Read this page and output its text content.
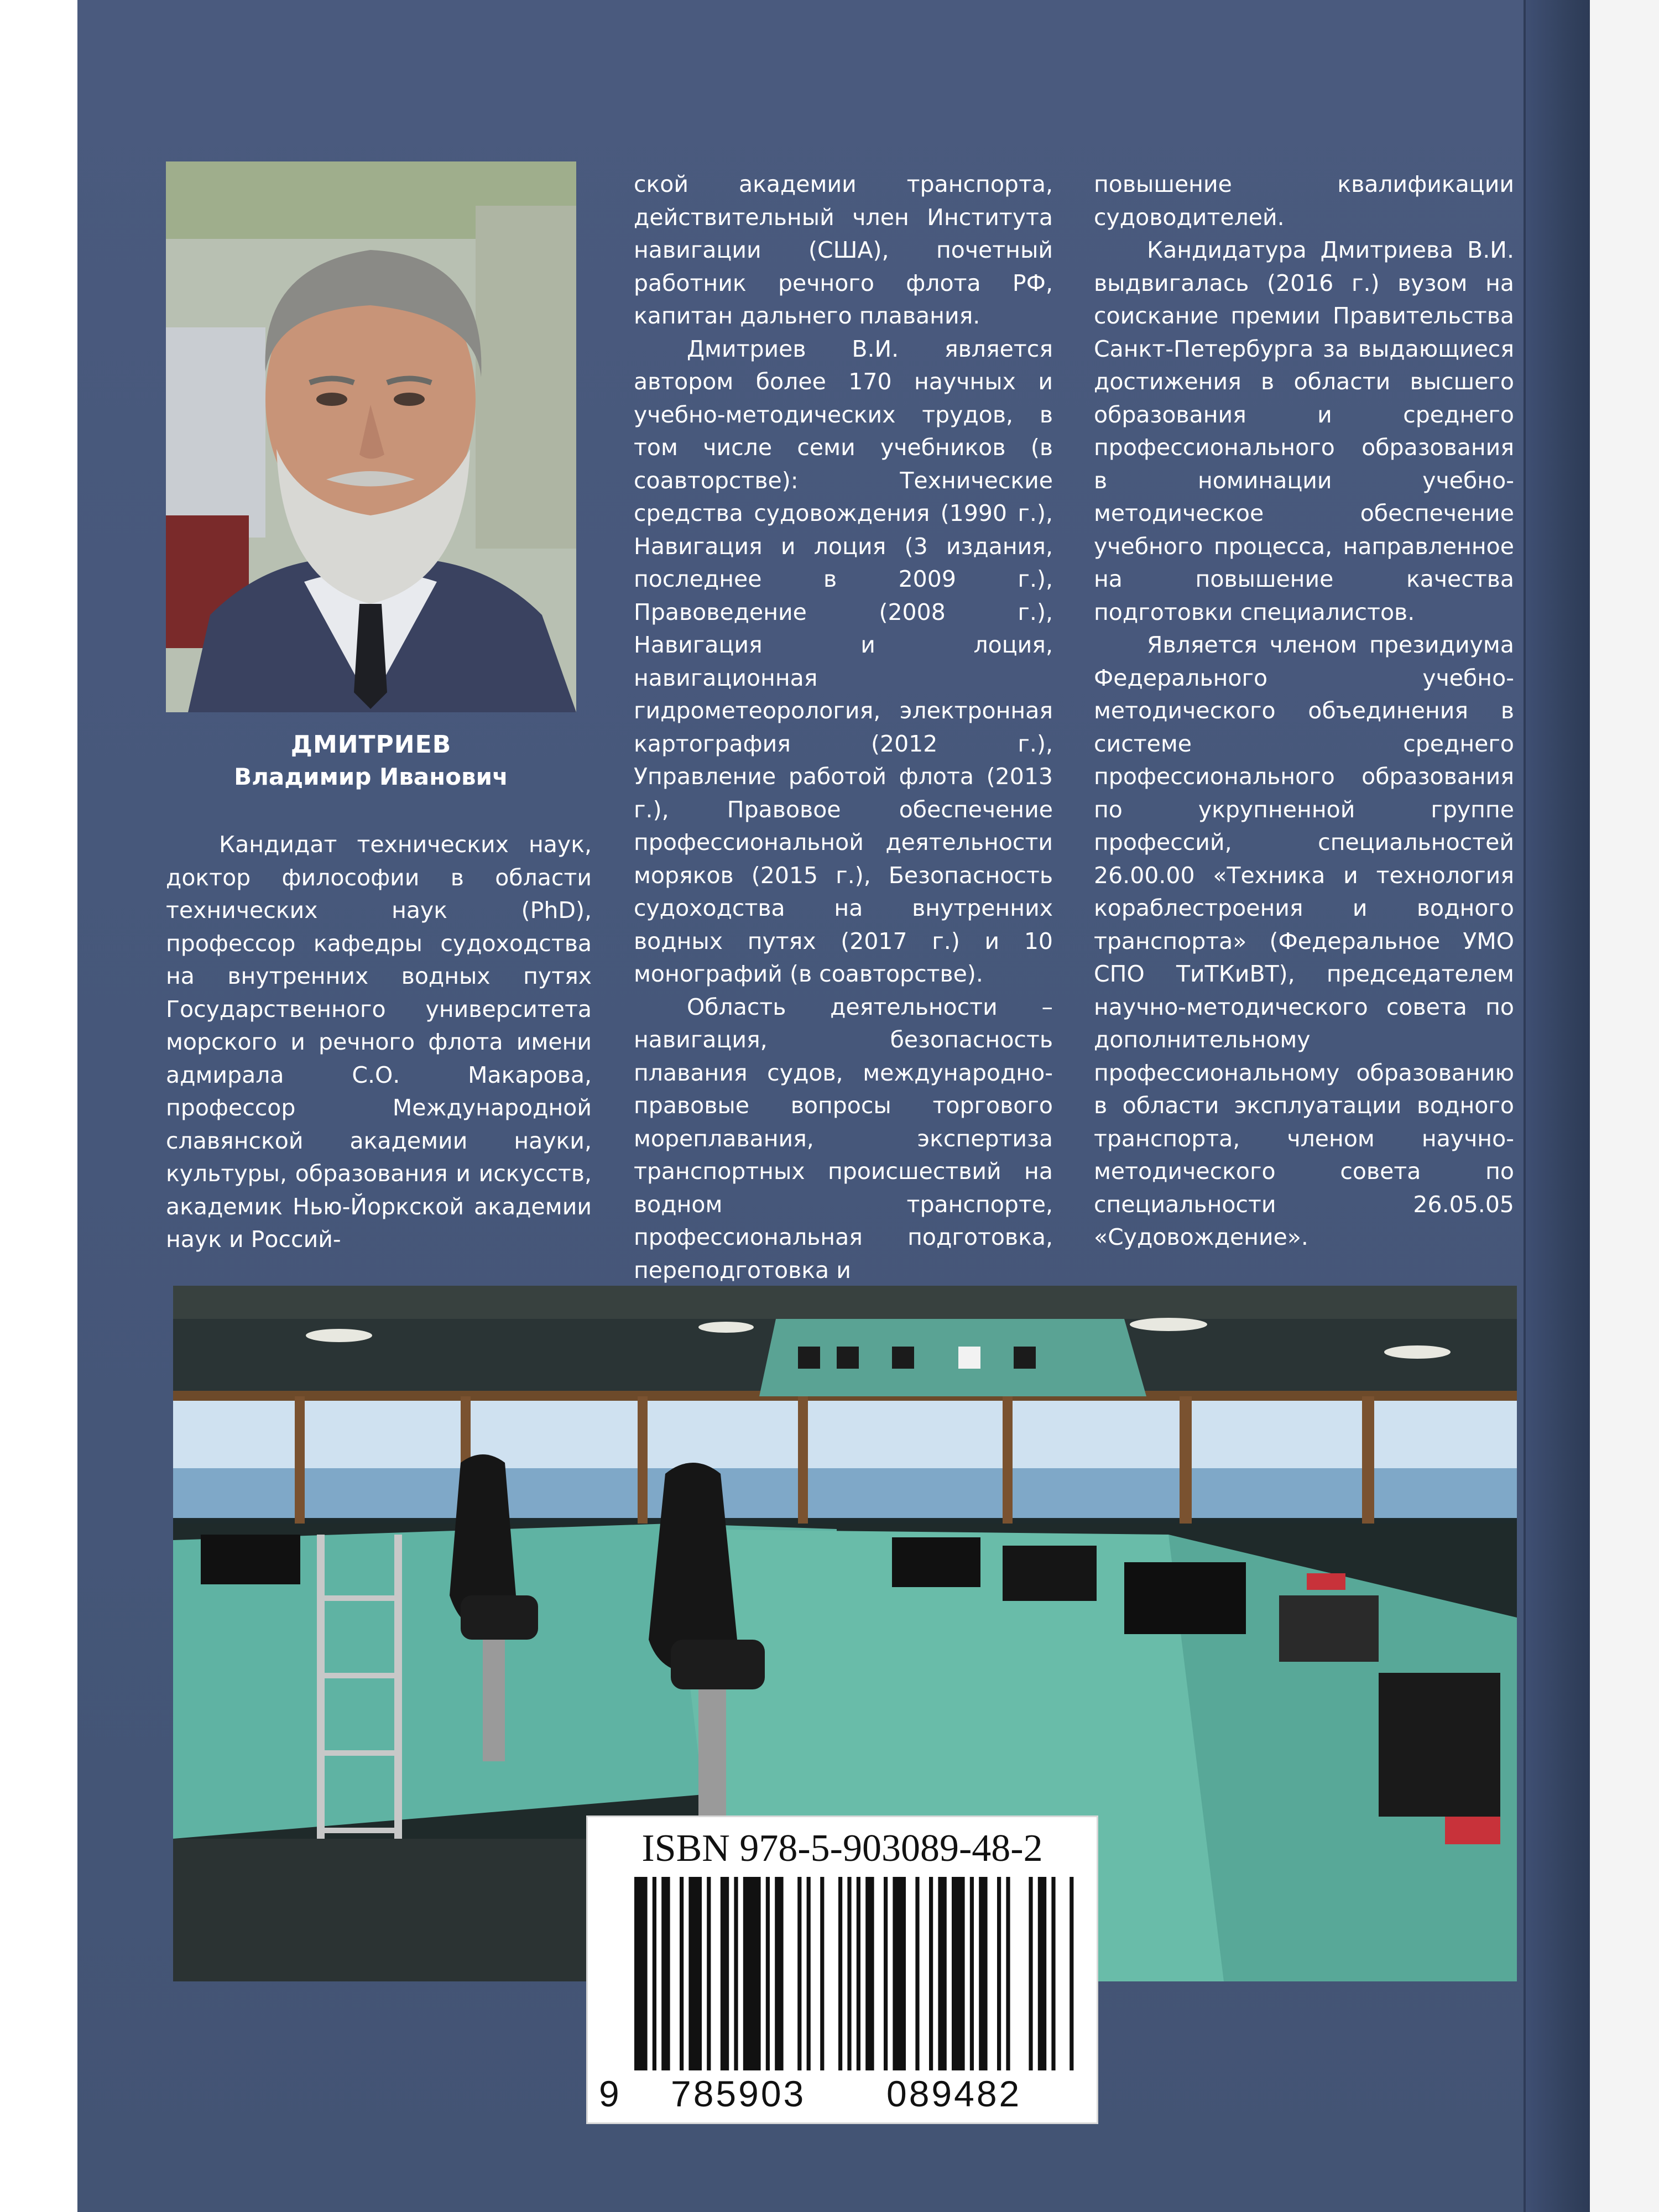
ДМИТРИЕВ
Владимир Иванович

Кандидат технических наук, доктор философии в области технических наук (PhD), профессор кафедры судоходства на внутренних водных путях Государственного университета морского и речного флота имени адмирала С.О. Макарова, профессор Международной славянской академии науки, культуры, образования и искусств, академик Нью-Йоркской академии наук и Россий-

ской академии транспорта, действительный член Института навигации (США), почетный работник речного флота РФ, капитан дальнего плавания.

Дмитриев В.И. является автором более 170 научных и учебно-методических трудов, в том числе семи учебников (в соавторстве): Технические средства судовождения (1990 г.), Навигация и лоция (3 издания, последнее в 2009 г.), Правоведение (2008 г.), Навигация и лоция, навигационная гидрометеорология, электронная картография (2012 г.), Управление работой флота (2013 г.), Правовое обеспечение профессиональной деятельности моряков (2015 г.), Безопасность судоходства на внутренних водных путях (2017 г.) и 10 монографий (в соавторстве).

Область деятельности – навигация, безопасность плавания судов, международно-правовые вопросы торгового мореплавания, экспертиза транспортных происшествий на водном транспорте, профессиональная подготовка, переподготовка и

повышение квалификации судоводителей.

Кандидатура Дмитриева В.И. выдвигалась (2016 г.) вузом на соискание премии Правительства Санкт-Петербурга за выдающиеся достижения в области высшего образования и среднего профессионального образования в номинации учебно-методическое обеспечение учебного процесса, направленное на повышение качества подготовки специалистов.

Является членом президиума Федерального учебно-методического объединения в системе среднего профессионального образования по укрупненной группе профессий, специальностей 26.00.00 «Техника и технология кораблестроения и водного транспорта» (Федеральное УМО СПО ТиТКиВТ), председателем научно-методического совета по дополнительному профессиональному образованию в области эксплуатации водного транспорта, членом научно-методического совета по специальности 26.05.05 «Судовождение».

ISBN 978-5-903089-48-2
9 785903 089482
